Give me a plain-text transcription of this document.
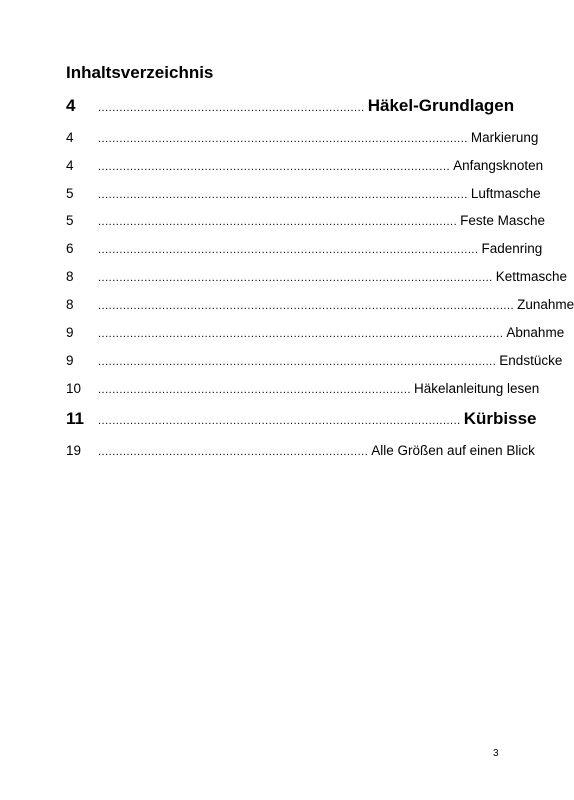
Inhaltsverzeichnis
4	........................................................................... Häkel-Grundlagen
4	........................................................................................................ Markierung
4	................................................................................................... Anfangsknoten
5	........................................................................................................ Luftmasche
5	..................................................................................................... Feste Masche
6	........................................................................................................... Fadenring
8	............................................................................................................... Kettmasche
8	..................................................................................................................... Zunahme
9	.................................................................................................................. Abnahme
9	................................................................................................................ Endstücke
10	........................................................................................ Häkelanleitung lesen
11	...................................................................................................... Kürbisse
19	............................................................................ Alle Größen auf einen Blick
3
